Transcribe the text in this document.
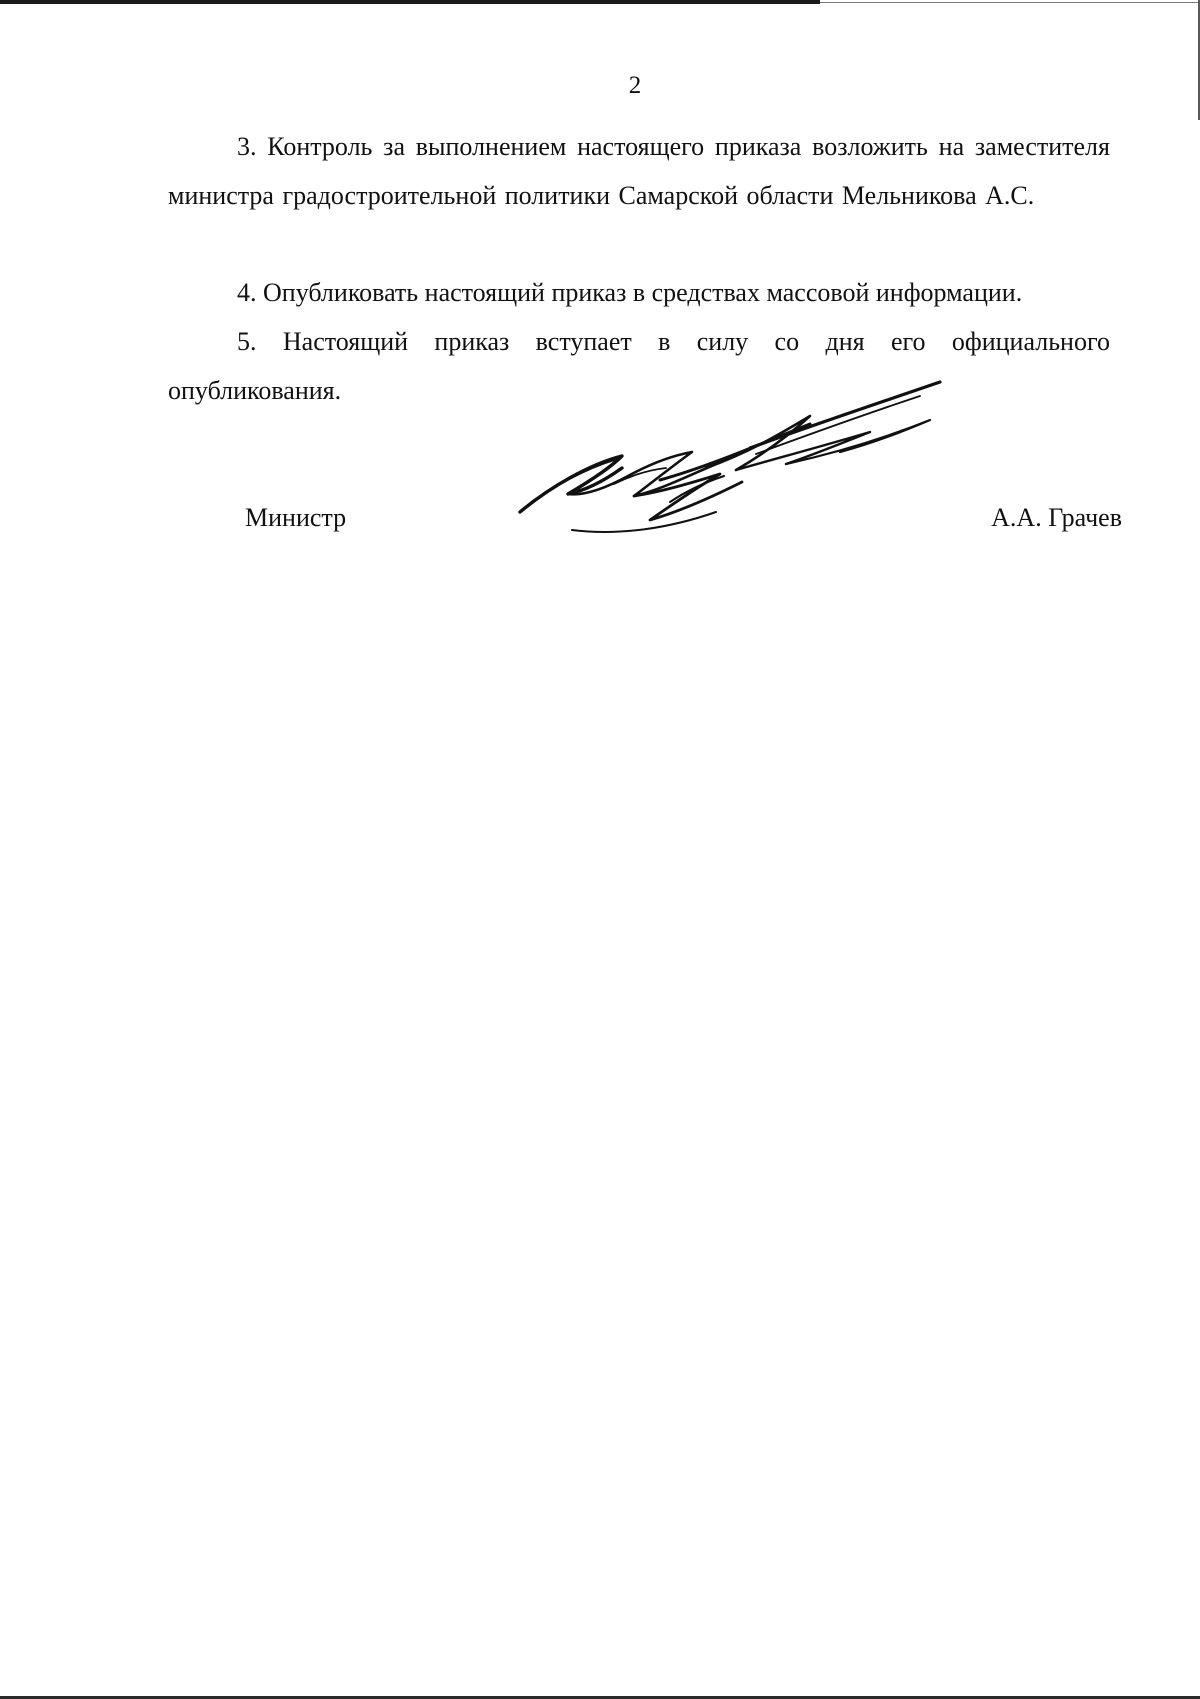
2

3. Контроль за выполнением настоящего приказа возложить на заместителя министра градостроительной политики Самарской области Мельникова А.С.

4. Опубликовать настоящий приказ в средствах массовой информации.

5. Настоящий приказ вступает в силу со дня его официального опубликования.

Министр	А.А. Грачев
